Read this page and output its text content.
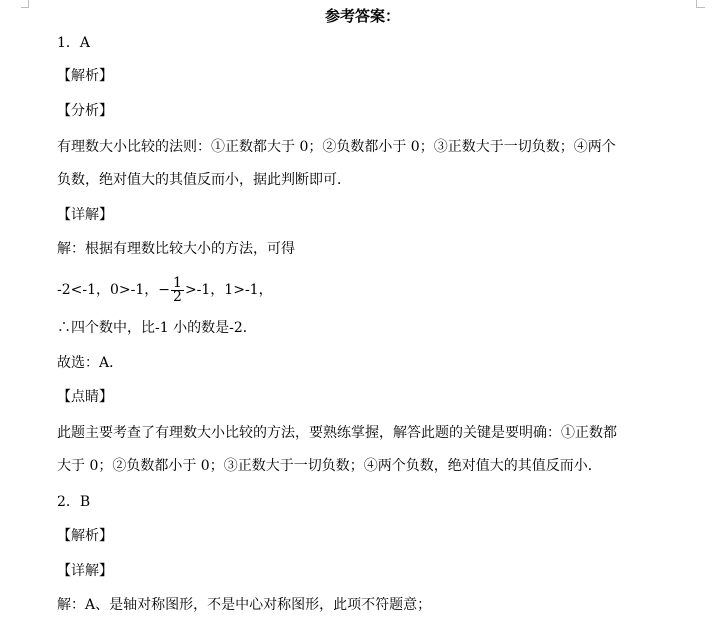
参考答案：
1．A
【解析】
【分析】
有理数大小比较的法则：①正数都大于 0；②负数都小于 0；③正数大于一切负数；④两个
负数，绝对值大的其值反而小，据此判断即可．
【详解】
解：根据有理数比较大小的方法，可得
-2<-1，0>-1，− $\frac{1}{2} >-1$，1>-1，
∴四个数中，比-1 小的数是-2．
故选：A．
【点睛】
此题主要考查了有理数大小比较的方法，要熟练掌握，解答此题的关键是要明确：①正数都
大于 0；②负数都小于 0；③正数大于一切负数；④两个负数，绝对值大的其值反而小．
2．B
【解析】
【详解】
解：A、是轴对称图形，不是中心对称图形，此项不符题意；
